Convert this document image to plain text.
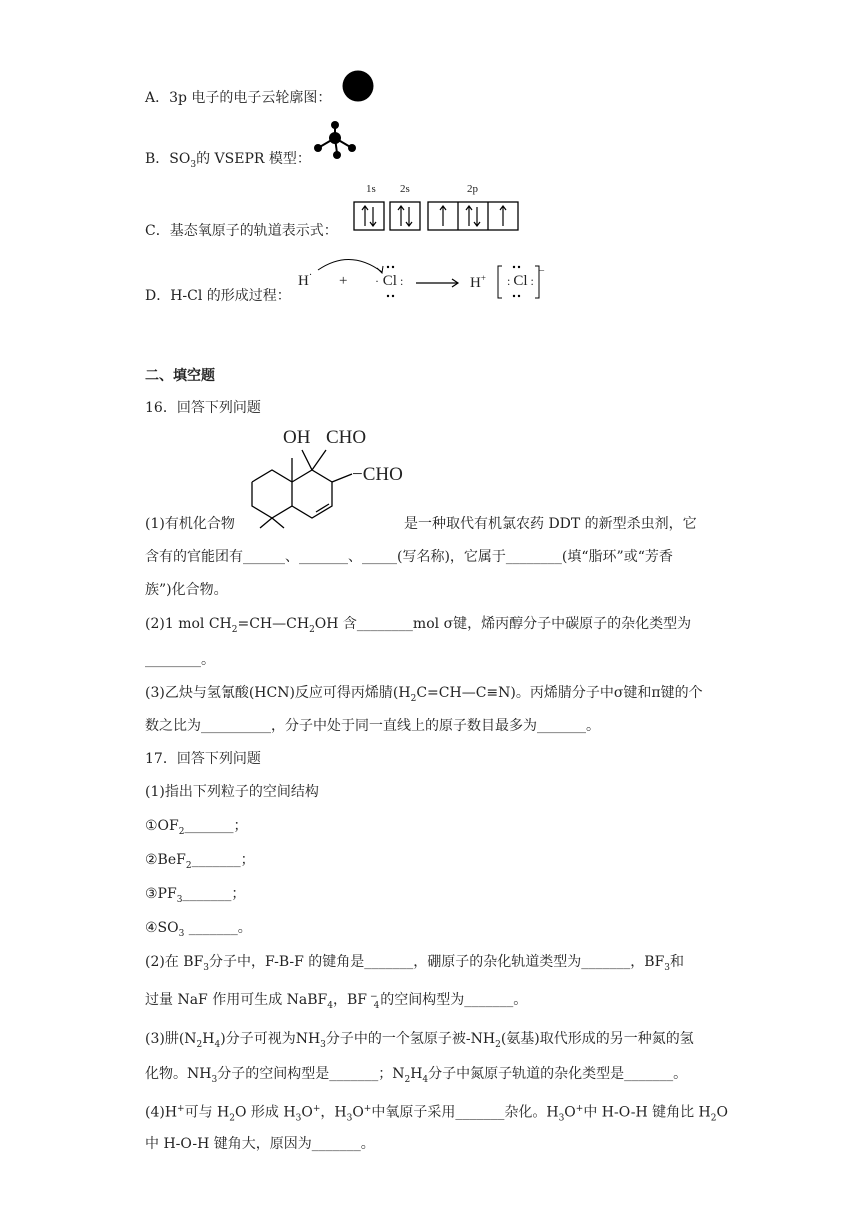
A．3p 电子的电子云轮廓图：
B．$SO_3$的 VSEPR 模型：
C．基态氧原子的轨道表示式：
1s 2s	2p
D．H-Cl 的形成过程：
H· + · Cl :	H+ : Cl :
−
二、填空题
16．回答下列问题
OH CHO
−CHO
(1)有机化合物	是一种取代有机氯农药 DDT 的新型杀虫剂，它
含有的官能团有______、_______、_____(写名称)，它属于________(填“脂环”或“芳香
族”)化合物。
(2)1 mol $CH_2=CH—CH_2OH$ 含________mol σ键，烯丙醇分子中碳原子的杂化类型为
________。
(3)乙炔与氢氰酸(HCN)反应可得丙烯腈$(H_2C=CH—C\equiv N)$。丙烯腈分子中σ键和π键的个
数之比为__________，分子中处于同一直线上的原子数目最多为_______。
17．回答下列问题
(1)指出下列粒子的空间结构
$①OF_2\_\_\_\_\_\_\_$；
②BeF$_2$_______；
$③PF_3\_\_\_\_\_\_\_$；
$④SO_3$ _______。
(2)在 $BF_3$分子中，F-B-F 的键角是_______，硼原子的杂化轨道类型为_______，$BF_3$和
过量 NaF 作用可生成 NaBF$_4$，BF $_{-4}$的空间构型为_______。
(3)肼$(N_2H_4)$分子可视为$NH_3$分子中的一个氢原子被$-NH_2$(氨基)取代形成的另一种氮的氢
化物。$NH_3$分子的空间构型是_______；$N_2H_4$分子中氮原子轨道的杂化类型是_______。
(4)H+可与 $H_2O$ 形成 $H_3O^+$，$H_3O^+$中氧原子采用_______杂化。$H_3O^+$中 H-O-H 键角比 $H_2O$
中 H-O-H 键角大，原因为_______。
